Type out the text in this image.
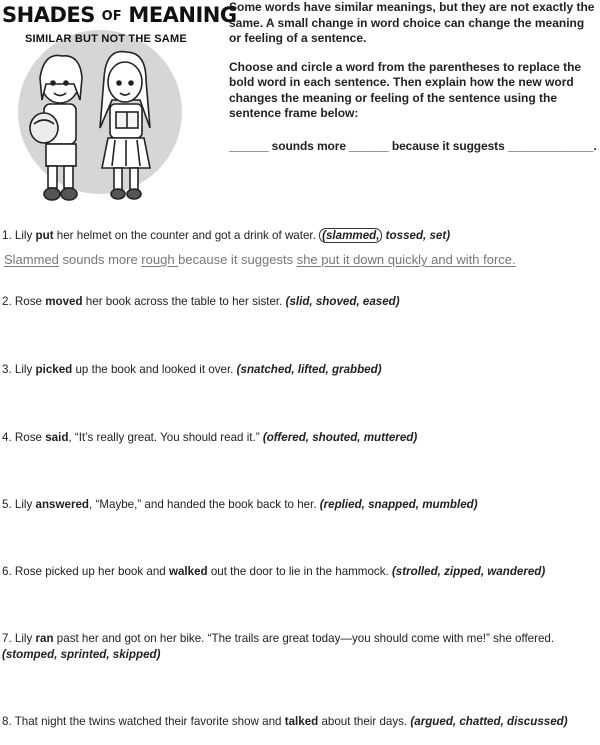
SHADES OF MEANING
SIMILAR BUT NOT THE SAME

Some words have similar meanings, but they are not exactly the same. A small change in word choice can change the meaning or feeling of a sentence.

Choose and circle a word from the parentheses to replace the bold word in each sentence. Then explain how the new word changes the meaning or feeling of the sentence using the sentence frame below:

______ sounds more ______ because it suggests _____________.
1. Lily put her helmet on the counter and got a drink of water. (slammed, tossed, set)
Slammed sounds more rough because it suggests she put it down quickly and with force.
2. Rose moved her book across the table to her sister. (slid, shoved, eased)
3. Lily picked up the book and looked it over. (snatched, lifted, grabbed)
4. Rose said, “It’s really great. You should read it.” (offered, shouted, muttered)
5. Lily answered, “Maybe,” and handed the book back to her. (replied, snapped, mumbled)
6. Rose picked up her book and walked out the door to lie in the hammock. (strolled, zipped, wandered)
7. Lily ran past her and got on her bike. “The trails are great today—you should come with me!” she offered. (stomped, sprinted, skipped)
8. That night the twins watched their favorite show and talked about their days. (argued, chatted, discussed)
